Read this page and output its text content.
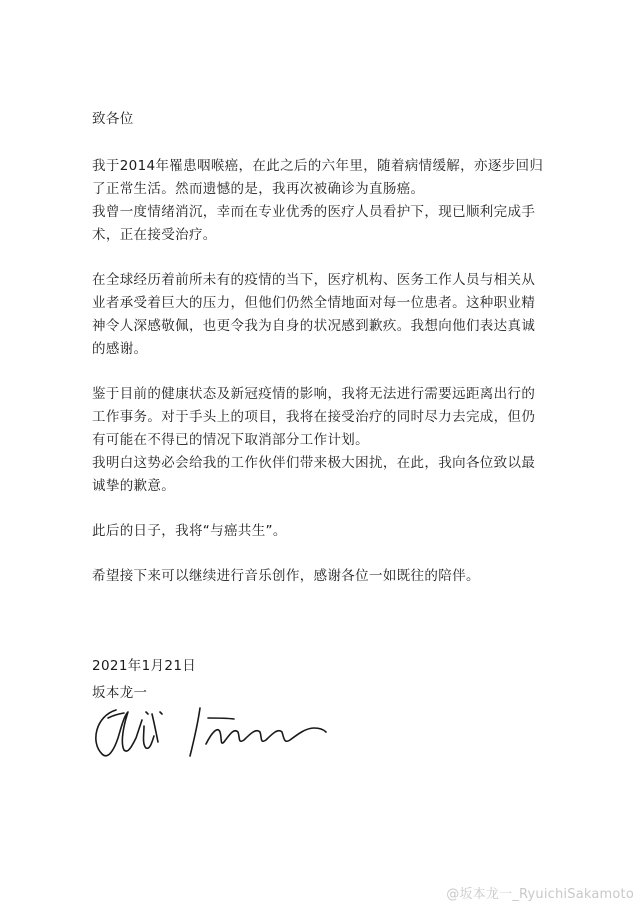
致各位
我于2014年罹患咽喉癌，在此之后的六年里，随着病情缓解，亦逐步回归
了正常生活。然而遗憾的是，我再次被确诊为直肠癌。
我曾一度情绪消沉，幸而在专业优秀的医疗人员看护下，现已顺利完成手
术，正在接受治疗。
在全球经历着前所未有的疫情的当下，医疗机构、医务工作人员与相关从
业者承受着巨大的压力，但他们仍然全情地面对每一位患者。这种职业精
神令人深感敬佩，也更令我为自身的状况感到歉疚。我想向他们表达真诚
的感谢。
鉴于目前的健康状态及新冠疫情的影响，我将无法进行需要远距离出行的
工作事务。对于手头上的项目，我将在接受治疗的同时尽力去完成，但仍
有可能在不得已的情况下取消部分工作计划。
我明白这势必会给我的工作伙伴们带来极大困扰，在此，我向各位致以最
诚挚的歉意。
此后的日子，我将“与癌共生”。
希望接下来可以继续进行音乐创作，感谢各位一如既往的陪伴。
2021年1月21日
坂本龙一
@坂本龙一_RyuichiSakamoto
